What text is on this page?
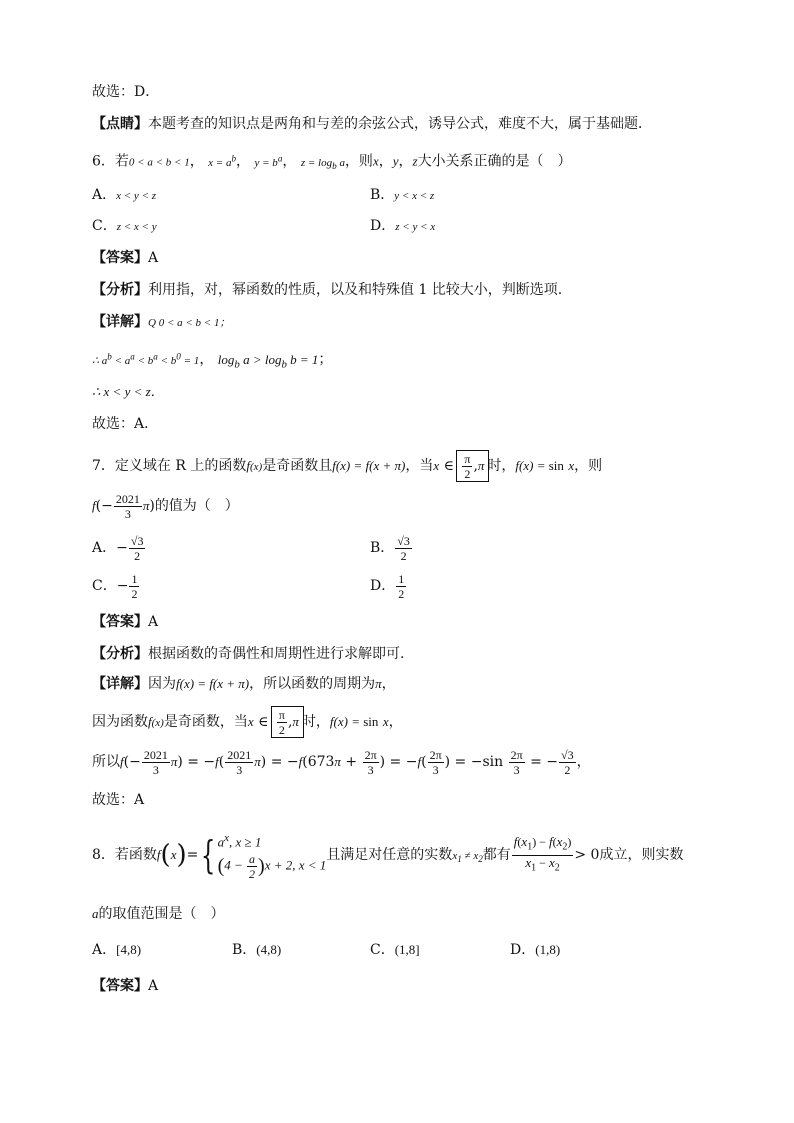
故选：D．
【点睛】本题考查的知识点是两角和与差的余弦公式，诱导公式，难度不大，属于基础题．
6．若0 < a < b < 1， $x = a^b$， $y = b^a$， $z = \log_b a$，则x，y，z大小关系正确的是（　）
A．x < y < z	B．y < x < z
C．z < x < y	D．z < y < x
【答案】A
【分析】利用指，对，幂函数的性质，以及和特殊值 1 比较大小，判断选项.
【详解】Q 0 < a < b < 1；
∴ $a^b < a^a < b^a < b^0 = 1$， $\log_b a > \log_b b = 1$；
∴ x < y < z．
故选：A．
7．定义域在 R 上的函数f(x)是奇函数且f(x) = f(x + π)，当x ∈ $\frac{\pi}{2} ,\pi$ 时，f(x) = sin x，则
$f(- \frac{2021}{3} \pi)$的值为（　）
A．− $\frac{√3}{2}$	B． $\frac{√3}{2}$
C．− $\frac{1}{2}$	D． $\frac{1}{2}$
【答案】A
【分析】根据函数的奇偶性和周期性进行求解即可.
【详解】因为f(x) = f(x + π)，所以函数的周期为π，
因为函数f(x)是奇函数，当x ∈ $\frac{\pi}{2} ,\pi$ 时，f(x) = sin x，
所以$f(- \frac{2021}{3} \pi) = -f( \frac{2021}{3} \pi) = -f(673\pi + \frac{2\pi}{3}$ ) = $-f( \frac{2\pi}{3}$ ) = $-\sin \frac{2\pi}{3}$ = − $\frac{√3}{2}$ ，
故选：A
8．若函数f(x)={ $a^x$, x ≥ 1
$(4 - \frac{a}{2} )x + 2$, x < 1
且满足对任意的实数$x_1 \ne x_2$都有 $\frac{f(x_1) - f(x_2)}{x_1 - x_2} > 0$成立，则实数
a的取值范围是（　）
A．[4,8)	B．(4,8)	C．(1,8]	D．(1,8)
【答案】A
